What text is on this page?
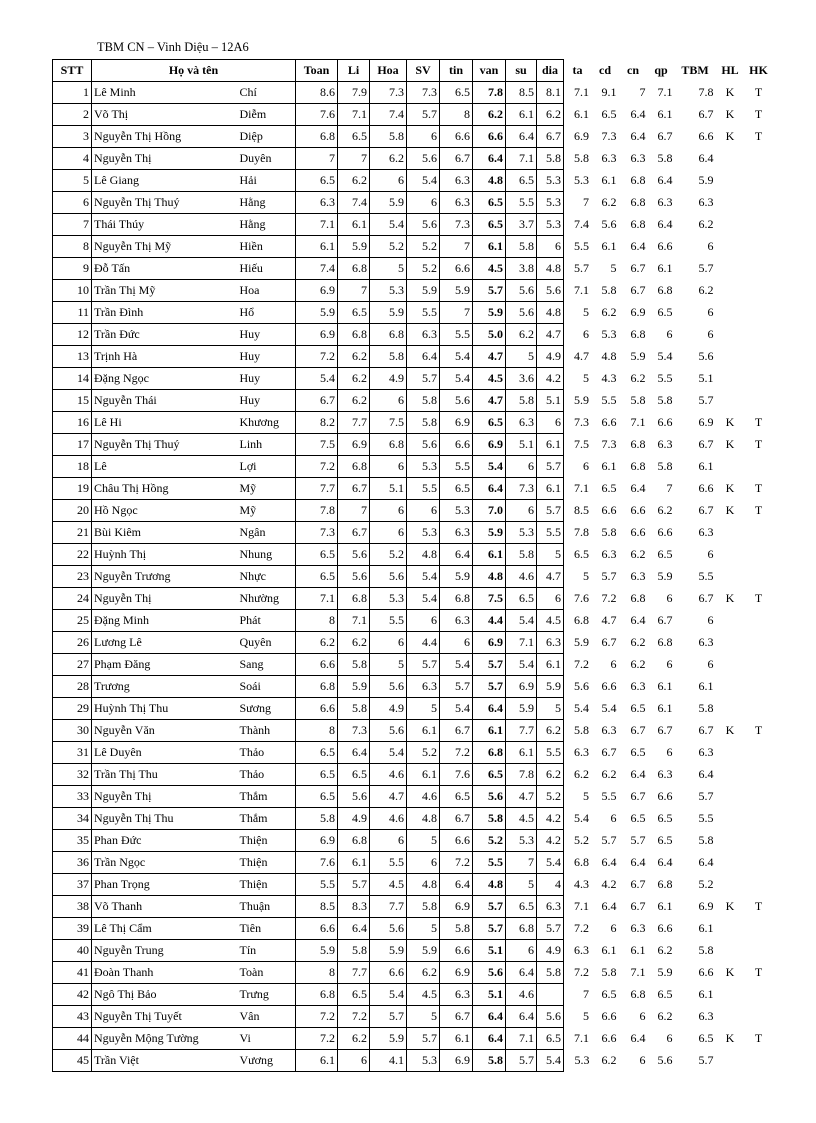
TBM CN – Vinh Diệu – 12A6
STT	Họ và tên		Toan	Li	Hoa	SV	tin	van	su	dia	ta	cd	cn	qp	TBM	HL	HK
1	Lê Minh	Chí	8.6	7.9	7.3	7.3	6.5	7.8	8.5	8.1	7.1	9.1	7	7.1	7.8	K	T
2	Võ Thị	Diễm	7.6	7.1	7.4	5.7	8	6.2	6.1	6.2	6.1	6.5	6.4	6.1	6.7	K	T
3	Nguyễn Thị Hồng	Diệp	6.8	6.5	5.8	6	6.6	6.6	6.4	6.7	6.9	7.3	6.4	6.7	6.6	K	T
4	Nguyễn Thị	Duyên	7	7	6.2	5.6	6.7	6.4	7.1	5.8	5.8	6.3	6.3	5.8	6.4		
5	Lê Giang	Hải	6.5	6.2	6	5.4	6.3	4.8	6.5	5.3	5.3	6.1	6.8	6.4	5.9		
6	Nguyễn Thị Thuý	Hằng	6.3	7.4	5.9	6	6.3	6.5	5.5	5.3	7	6.2	6.8	6.3	6.3		
7	Thái Thúy	Hằng	7.1	6.1	5.4	5.6	7.3	6.5	3.7	5.3	7.4	5.6	6.8	6.4	6.2		
8	Nguyễn Thị Mỹ	Hiền	6.1	5.9	5.2	5.2	7	6.1	5.8	6	5.5	6.1	6.4	6.6	6		
9	Đỗ Tấn	Hiếu	7.4	6.8	5	5.2	6.6	4.5	3.8	4.8	5.7	5	6.7	6.1	5.7		
10	Trần Thị Mỹ	Hoa	6.9	7	5.3	5.9	5.9	5.7	5.6	5.6	7.1	5.8	6.7	6.8	6.2		
11	Trần Đình	Hổ	5.9	6.5	5.9	5.5	7	5.9	5.6	4.8	5	6.2	6.9	6.5	6		
12	Trần Đức	Huy	6.9	6.8	6.8	6.3	5.5	5.0	6.2	4.7	6	5.3	6.8	6	6		
13	Trịnh Hà	Huy	7.2	6.2	5.8	6.4	5.4	4.7	5	4.9	4.7	4.8	5.9	5.4	5.6		
14	Đặng Ngọc	Huy	5.4	6.2	4.9	5.7	5.4	4.5	3.6	4.2	5	4.3	6.2	5.5	5.1		
15	Nguyễn Thái	Huy	6.7	6.2	6	5.8	5.6	4.7	5.8	5.1	5.9	5.5	5.8	5.8	5.7		
16	Lê Hi	Khương	8.2	7.7	7.5	5.8	6.9	6.5	6.3	6	7.3	6.6	7.1	6.6	6.9	K	T
17	Nguyễn Thị Thuý	Linh	7.5	6.9	6.8	5.6	6.6	6.9	5.1	6.1	7.5	7.3	6.8	6.3	6.7	K	T
18	Lê	Lợi	7.2	6.8	6	5.3	5.5	5.4	6	5.7	6	6.1	6.8	5.8	6.1		
19	Châu Thị Hồng	Mỹ	7.7	6.7	5.1	5.5	6.5	6.4	7.3	6.1	7.1	6.5	6.4	7	6.6	K	T
20	Hồ Ngọc	Mỹ	7.8	7	6	6	5.3	7.0	6	5.7	8.5	6.6	6.6	6.2	6.7	K	T
21	Bùi Kiêm	Ngân	7.3	6.7	6	5.3	6.3	5.9	5.3	5.5	7.8	5.8	6.6	6.6	6.3		
22	Huỳnh Thị	Nhung	6.5	5.6	5.2	4.8	6.4	6.1	5.8	5	6.5	6.3	6.2	6.5	6		
23	Nguyễn Trương	Nhực	6.5	5.6	5.6	5.4	5.9	4.8	4.6	4.7	5	5.7	6.3	5.9	5.5		
24	Nguyễn Thị	Nhường	7.1	6.8	5.3	5.4	6.8	7.5	6.5	6	7.6	7.2	6.8	6	6.7	K	T
25	Đặng Minh	Phát	8	7.1	5.5	6	6.3	4.4	5.4	4.5	6.8	4.7	6.4	6.7	6		
26	Lương Lê	Quyên	6.2	6.2	6	4.4	6	6.9	7.1	6.3	5.9	6.7	6.2	6.8	6.3		
27	Phạm Đăng	Sang	6.6	5.8	5	5.7	5.4	5.7	5.4	6.1	7.2	6	6.2	6	6		
28	Trương	Soái	6.8	5.9	5.6	6.3	5.7	5.7	6.9	5.9	5.6	6.6	6.3	6.1	6.1		
29	Huỳnh Thị Thu	Sương	6.6	5.8	4.9	5	5.4	6.4	5.9	5	5.4	5.4	6.5	6.1	5.8		
30	Nguyễn Văn	Thành	8	7.3	5.6	6.1	6.7	6.1	7.7	6.2	5.8	6.3	6.7	6.7	6.7	K	T
31	Lê Duyên	Thảo	6.5	6.4	5.4	5.2	7.2	6.8	6.1	5.5	6.3	6.7	6.5	6	6.3		
32	Trần Thị Thu	Thảo	6.5	6.5	4.6	6.1	7.6	6.5	7.8	6.2	6.2	6.2	6.4	6.3	6.4		
33	Nguyễn Thị	Thắm	6.5	5.6	4.7	4.6	6.5	5.6	4.7	5.2	5	5.5	6.7	6.6	5.7		
34	Nguyễn Thị Thu	Thắm	5.8	4.9	4.6	4.8	6.7	5.8	4.5	4.2	5.4	6	6.5	6.5	5.5		
35	Phan Đức	Thiện	6.9	6.8	6	5	6.6	5.2	5.3	4.2	5.2	5.7	5.7	6.5	5.8		
36	Trần Ngọc	Thiện	7.6	6.1	5.5	6	7.2	5.5	7	5.4	6.8	6.4	6.4	6.4	6.4		
37	Phan Trọng	Thiện	5.5	5.7	4.5	4.8	6.4	4.8	5	4	4.3	4.2	6.7	6.8	5.2		
38	Võ Thanh	Thuận	8.5	8.3	7.7	5.8	6.9	5.7	6.5	6.3	7.1	6.4	6.7	6.1	6.9	K	T
39	Lê Thị Cẩm	Tiên	6.6	6.4	5.6	5	5.8	5.7	6.8	5.7	7.2	6	6.3	6.6	6.1		
40	Nguyễn Trung	Tín	5.9	5.8	5.9	5.9	6.6	5.1	6	4.9	6.3	6.1	6.1	6.2	5.8		
41	Đoàn Thanh	Toàn	8	7.7	6.6	6.2	6.9	5.6	6.4	5.8	7.2	5.8	7.1	5.9	6.6	K	T
42	Ngô Thị Bảo	Trưng	6.8	6.5	5.4	4.5	6.3	5.1	4.6		7	6.5	6.8	6.5	6.1		
43	Nguyễn Thị Tuyết	Vân	7.2	7.2	5.7	5	6.7	6.4	6.4	5.6	5	6.6	6	6.2	6.3		
44	Nguyễn Mộng Tường	Vi	7.2	6.2	5.9	5.7	6.1	6.4	7.1	6.5	7.1	6.6	6.4	6	6.5	K	T
45	Trần Việt	Vương	6.1	6	4.1	5.3	6.9	5.8	5.7	5.4	5.3	6.2	6	5.6	5.7		
